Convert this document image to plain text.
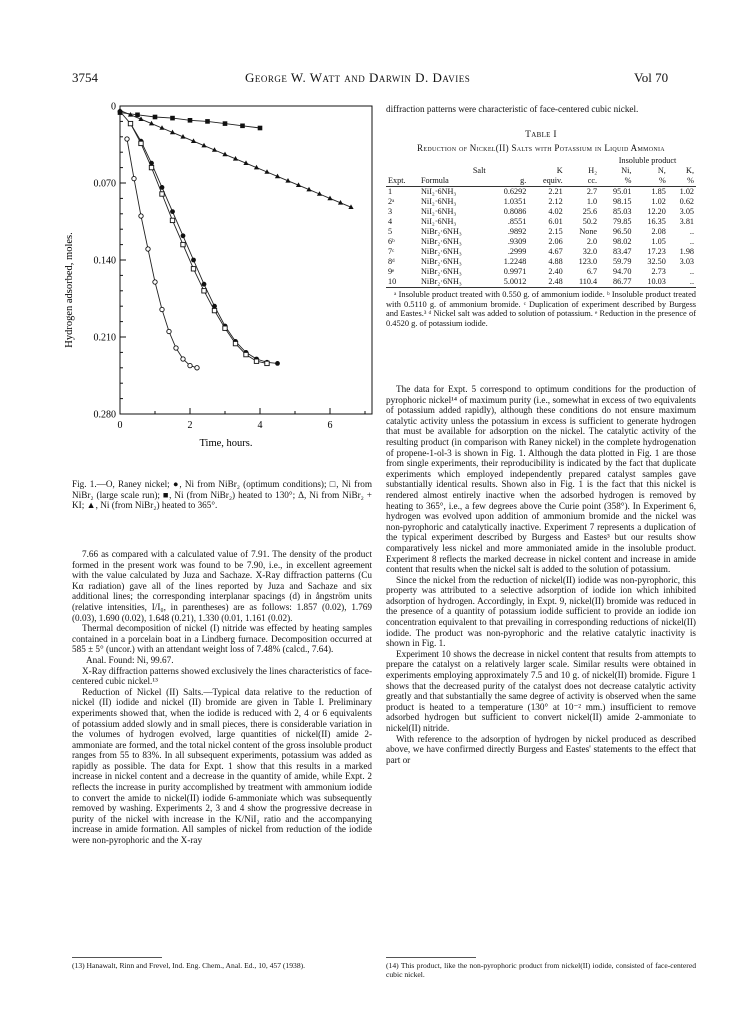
3754	George W. Watt and Darwin D. Davies	Vol 70
0	2	4	6
0
0.070
0.140
0.210
0.280
Time, hours.
Hydrogen adsorbed, moles.

Fig. 1.—O, Raney nickel; ●, Ni from NiBr₂ (optimum conditions); □, Ni from NiBr₂ (large scale run); ■, Ni (from NiBr₂) heated to 130°; Δ, Ni from NiBr₂ + KI; ▲, Ni (from NiBr₂) heated to 365°.

7.66 as compared with a calculated value of 7.91. The density of the product formed in the present work was found to be 7.90, i.e., in excellent agreement with the value calculated by Juza and Sachaze. X-Ray diffraction patterns (Cu Kα radiation) gave all of the lines reported by Juza and Sachaze and six additional lines; the corresponding interplanar spacings (d) in ångström units (relative intensities, I/I₀, in parentheses) are as follows: 1.857 (0.02), 1.769 (0.03), 1.690 (0.02), 1.648 (0.21), 1.330 (0.01, 1.161 (0.02).

Thermal decomposition of nickel (I) nitride was effected by heating samples contained in a porcelain boat in a Lindberg furnace. Decomposition occurred at 585 ± 5° (uncor.) with an attendant weight loss of 7.48% (calcd., 7.64).

Anal. Found: Ni, 99.67.

X-Ray diffraction patterns showed exclusively the lines characteristics of face-centered cubic nickel.¹³

Reduction of Nickel (II) Salts.—Typical data relative to the reduction of nickel (II) iodide and nickel (II) bromide are given in Table I. Preliminary experiments showed that, when the iodide is reduced with 2, 4 or 6 equivalents of potassium added slowly and in small pieces, there is considerable variation in the volumes of hydrogen evolved, large quantities of nickel(II) amide 2-ammoniate are formed, and the total nickel content of the gross insoluble product ranges from 55 to 83%. In all subsequent experiments, potassium was added as rapidly as possible. The data for Expt. 1 show that this results in a marked increase in nickel content and a decrease in the quantity of amide, while Expt. 2 reflects the increase in purity accomplished by treatment with ammonium iodide to convert the amide to nickel(II) iodide 6-ammoniate which was subsequently removed by washing. Experiments 2, 3 and 4 show the progressive decrease in purity of the nickel with increase in the K/NiI₂ ratio and the accompanying increase in amide formation. All samples of nickel from reduction of the iodide were non-pyrophoric and the X-ray

(13) Hanawalt, Rinn and Frevel, Ind. Eng. Chem., Anal. Ed., 10, 457 (1938).

diffraction patterns were characteristic of face-centered cubic nickel.

Table I
Reduction of Nickel(II) Salts with Potassium in Liquid Ammonia
					Insoluble product		
	Salt		K	H₂	Ni,	N,	K,
Expt.	Formula	g.	equiv.	cc.	%	%	%
1	NiI₂·6NH₃	0.6292	2.21	2.7	95.01	1.85	1.02
2ᵃ	NiI₂·6NH₃	1.0351	2.12	1.0	98.15	1.02	0.62
3	NiI₂·6NH₃	0.8086	4.02	25.6	85.03	12.20	3.05
4	NiI₂·6NH₃	.8551	6.01	50.2	79.85	16.35	3.81
5	NiBr₂·6NH₃	.9892	2.15	None	96.50	2.08	..
6ᵇ	NiBr₂·6NH₃	.9309	2.06	2.0	98.02	1.05	..
7ᶜ	NiBr₂·6NH₃	.2999	4.67	32.0	83.47	17.23	1.98
8ᵈ	NiBr₂·6NH₃	1.2248	4.88	123.0	59.79	32.50	3.03
9ᵉ	NiBr₂·6NH₃	0.9971	2.40	6.7	94.70	2.73	..
10	NiBr₂·6NH₃	5.0012	2.48	110.4	86.77	10.03	..

ᵃ Insoluble product treated with 0.550 g. of ammonium iodide. ᵇ Insoluble product treated with 0.5110 g. of ammonium bromide. ᶜ Duplication of experiment described by Burgess and Eastes.³ ᵈ Nickel salt was added to solution of potassium. ᵉ Reduction in the presence of 0.4520 g. of potassium iodide.

The data for Expt. 5 correspond to optimum conditions for the production of pyrophoric nickel¹⁴ of maximum purity (i.e., somewhat in excess of two equivalents of potassium added rapidly), although these conditions do not ensure maximum catalytic activity unless the potassium in excess is sufficient to generate hydrogen that must be available for adsorption on the nickel. The catalytic activity of the resulting product (in comparison with Raney nickel) in the complete hydrogenation of propene-1-ol-3 is shown in Fig. 1. Although the data plotted in Fig. 1 are those from single experiments, their reproducibility is indicated by the fact that duplicate experiments which employed independently prepared catalyst samples gave substantially identical results. Shown also in Fig. 1 is the fact that this nickel is rendered almost entirely inactive when the adsorbed hydrogen is removed by heating to 365°, i.e., a few degrees above the Curie point (358°). In Experiment 6, hydrogen was evolved upon addition of ammonium bromide and the nickel was non-pyrophoric and catalytically inactive. Experiment 7 represents a duplication of the typical experiment described by Burgess and Eastes³ but our results show comparatively less nickel and more ammoniated amide in the insoluble product. Experiment 8 reflects the marked decrease in nickel content and increase in amide content that results when the nickel salt is added to the solution of potassium.

Since the nickel from the reduction of nickel(II) iodide was non-pyrophoric, this property was attributed to a selective adsorption of iodide ion which inhibited adsorption of hydrogen. Accordingly, in Expt. 9, nickel(II) bromide was reduced in the presence of a quantity of potassium iodide sufficient to provide an iodide ion concentration equivalent to that prevailing in corresponding reductions of nickel(II) iodide. The product was non-pyrophoric and the relative catalytic inactivity is shown in Fig. 1.

Experiment 10 shows the decrease in nickel content that results from attempts to prepare the catalyst on a relatively larger scale. Similar results were obtained in experiments employing approximately 7.5 and 10 g. of nickel(II) bromide. Figure 1 shows that the decreased purity of the catalyst does not decrease catalytic activity greatly and that substantially the same degree of activity is observed when the same product is heated to a temperature (130° at 10⁻² mm.) insufficient to remove adsorbed hydrogen but sufficient to convert nickel(II) amide 2-ammoniate to nickel(II) nitride.

With reference to the adsorption of hydrogen by nickel produced as described above, we have confirmed directly Burgess and Eastes' statements to the effect that part or

(14) This product, like the non-pyrophoric product from nickel(II) iodide, consisted of face-centered cubic nickel.
